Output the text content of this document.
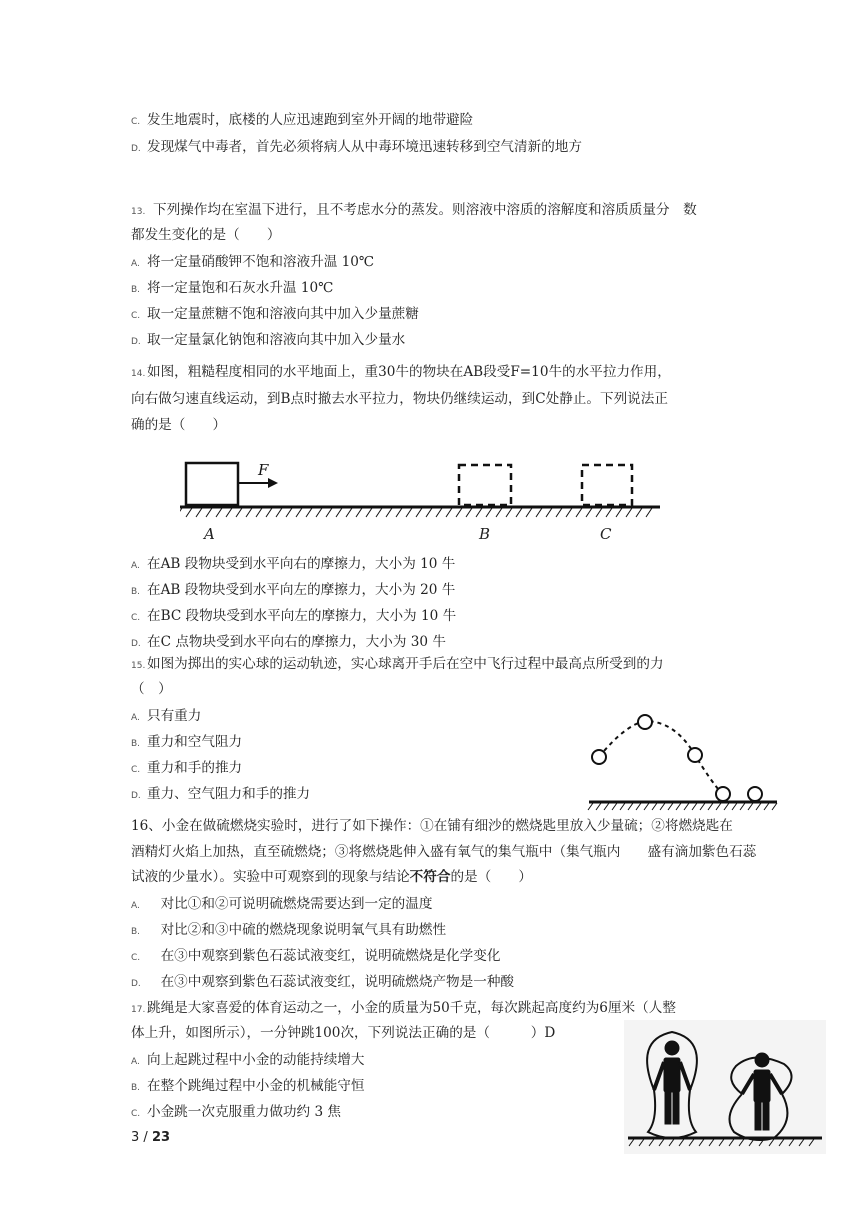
C. 发生地震时，底楼的人应迅速跑到室外开阔的地带避险
D. 发现煤气中毒者，首先必须将病人从中毒环境迅速转移到空气清新的地方
13. 下列操作均在室温下进行，且不考虑水分的蒸发。则溶液中溶质的溶解度和溶质质量分　数
都发生变化的是（　　）
A. 将一定量硝酸钾不饱和溶液升温 10℃
B. 将一定量饱和石灰水升温 10℃
C. 取一定量蔗糖不饱和溶液向其中加入少量蔗糖
D. 取一定量氯化钠饱和溶液向其中加入少量水
14. 如图，粗糙程度相同的水平地面上，重30牛的物块在AB段受F=10牛的水平拉力作用，
向右做匀速直线运动，到B点时撤去水平拉力，物块仍继续运动，到C处静止。下列说法正
确的是（　　）
F
A	B	C
A. 在AB 段物块受到水平向右的摩擦力，大小为 10 牛
B. 在AB 段物块受到水平向左的摩擦力，大小为 20 牛
C. 在BC 段物块受到水平向左的摩擦力，大小为 10 牛
D. 在C 点物块受到水平向右的摩擦力，大小为 30 牛
15. 如图为掷出的实心球的运动轨迹，实心球离开手后在空中飞行过程中最高点所受到的力
（　）
A. 只有重力
B. 重力和空气阻力
C. 重力和手的推力
D. 重力、空气阻力和手的推力
16、小金在做硫燃烧实验时，进行了如下操作：①在铺有细沙的燃烧匙里放入少量硫；②将燃烧匙在
酒精灯火焰上加热，直至硫燃烧；③将燃烧匙伸入盛有氧气的集气瓶中（集气瓶内　　盛有滴加紫色石蕊
试液的少量水）。实验中可观察到的现象与结论不符合的是（　　）
A.　对比①和②可说明硫燃烧需要达到一定的温度
B.　对比②和③中硫的燃烧现象说明氧气具有助燃性
C.　在③中观察到紫色石蕊试液变红，说明硫燃烧是化学变化
D.　在③中观察到紫色石蕊试液变红，说明硫燃烧产物是一种酸
17. 跳绳是大家喜爱的体育运动之一，小金的质量为50千克，每次跳起高度约为6厘米（人整
体上升，如图所示），一分钟跳100次，下列说法正确的是（　　　）D
A. 向上起跳过程中小金的动能持续增大
B. 在整个跳绳过程中小金的机械能守恒
C. 小金跳一次克服重力做功约 3 焦
3 / 23
